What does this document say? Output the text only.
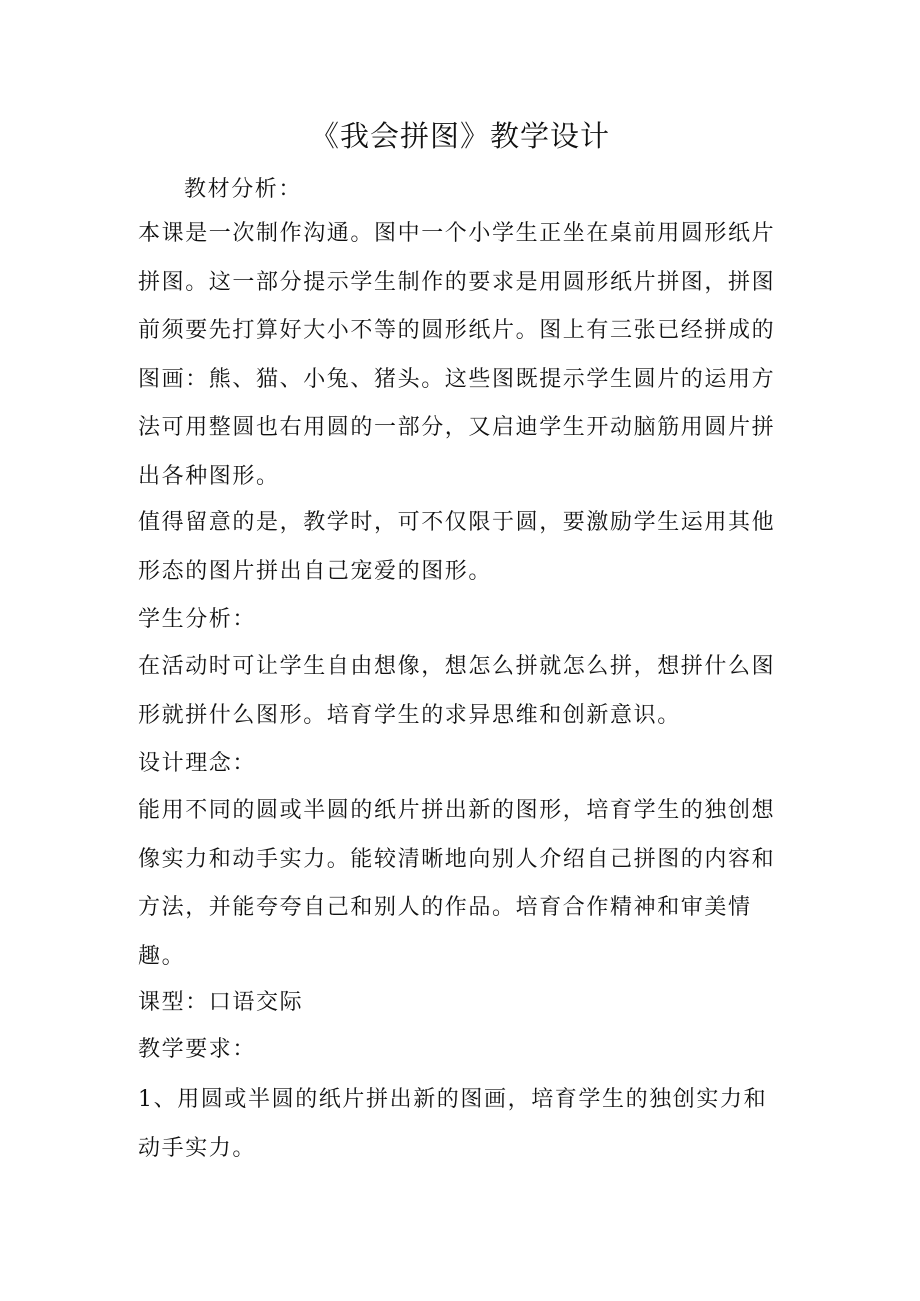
《我会拼图》教学设计

教材分析：

本课是一次制作沟通。图中一个小学生正坐在桌前用圆形纸片拼图。这一部分提示学生制作的要求是用圆形纸片拼图，拼图前须要先打算好大小不等的圆形纸片。图上有三张已经拼成的图画：熊、猫、小兔、猪头。这些图既提示学生圆片的运用方法可用整圆也右用圆的一部分，又启迪学生开动脑筋用圆片拼出各种图形。

值得留意的是，教学时，可不仅限于圆，要激励学生运用其他形态的图片拼出自己宠爱的图形。

学生分析：

在活动时可让学生自由想像，想怎么拼就怎么拼，想拼什么图形就拼什么图形。培育学生的求异思维和创新意识。

设计理念：

能用不同的圆或半圆的纸片拼出新的图形，培育学生的独创想像实力和动手实力。能较清晰地向别人介绍自己拼图的内容和方法，并能夸夸自己和别人的作品。培育合作精神和审美情趣。

课型：口语交际

教学要求：

1、用圆或半圆的纸片拼出新的图画，培育学生的独创实力和动手实力。
